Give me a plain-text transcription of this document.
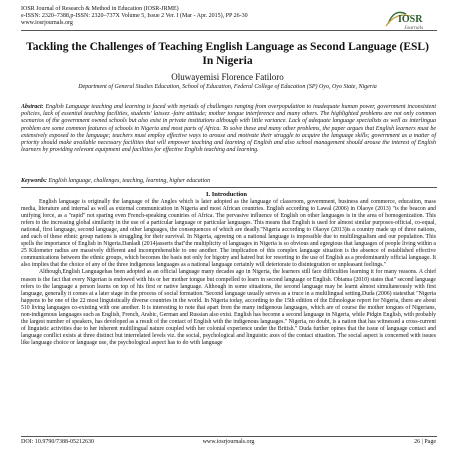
IOSR Journal of Research & Method in Education (IOSR-JRME)
e-ISSN: 2320–7388,p-ISSN: 2320–737X Volume 5, Issue 2 Ver. I (Mar - Apr. 2015), PP 26-30
www.iosrjournals.org	IOSR
Journals
Tackling the Challenges of Teaching English Language as Second Language (ESL) In Nigeria
Oluwayemisi Florence Fatiloro
Department of General Studies Education, School of Education, Federal College of Education (SP) Oyo, Oyo State, Nigeria
Abstract: English Language teaching and learning is faced with myriads of challenges ranging from overpopulation to inadequate human power, government inconsistent policies, lack of essential teaching facilities, students' laissez -faire attitude; mother tongue interference and many others. The highlighted problems are not only common scenarios of the government owned schools but also exist in private institutions although with little variance. Lack of adequate language specialists as well as interlingua problem are some common features of schools in Nigeria and most parts of Africa. To solve these and many other problems, the paper argues that English learners must be extensively exposed to the language; teachers must employ effective ways to arouse and motivate their struggle to acquire the language skills; government as a matter of priority should make available necessary facilities that will empower teaching and learning of English and also school management should arouse the interest of English learners by providing relevant equipment and facilities for effective English teaching and learning.
Keywords: English language, challenges, teaching, learning, higher education
I. Introduction

English language is originally the language of the Angles which is later adopted as the language of classroom, government, business and commerce, education, mass media, literature and internal as well as external communication in Nigeria and most African countries. English according to Lawal (2006) in Olaoye (2013) "is the beacon and unifying force, as a "rapid" not sparing even French-speaking countries of Africa. The pervasive influence of English on other languages is in the area of homogenization. This refers to the increasing global similarity in the use of a particular language or particular languages. This means that English is used for almost similar purposes-official, co-equal, national, first language, second language, and other languages, the consequences of which are deadly."Nigeria according to Olaoye (2013)is a country made up of three nations, and each of these ethnic group nations is struggling for their survival. In Nigeria, agreeing on a national language is impossible due to multilingualism and our population. This spells the importance of English in Nigeria.Danladi (2014)asserts that"the multiplicity of languages in Nigeria is so obvious and egregious that languages of people living within a 25 Kilometer radius are massively different and incomprehensible to one another. The implication of this complex language situation is the absence of established effective communications between the ethnic groups, which becomes the basis not only for bigotry and hatred but for resorting to the use of English as a predominantly official language. It also implies that the choice of any of the three indigenous languages as a national language certainly will deteriorate to disintegration or unpleasant feelings."

Although,English Languagehas been adopted as an official language many decades ago in Nigeria, the learners still face difficulties learning it for many reasons. A chief reason is the fact that every Nigerian is endowed with his or her mother tongue but compelled to learn in second language or English. Obiama (2010) states that" second language refers to the language a person learns on top of his first or native language. Although in some situations, the second language may be learnt almost simultaneously with first language, generally it comes at a later stage in the process of social formation."Second language usually serves as a truce in a multilingual setting.Duda (2006) statesthat "Nigeria happens to be one of the 22 most linguistically diverse countries in the world. In Nigeria today, according to the 15th edition of the Ethnologue report for Nigeria, there are about 510 living languages co-existing with one another. It is interesting to note that apart from the many indigenous languages, which are of course the mother tongues of Nigerians, non-indigenous languages such as English, French, Arabic, German and Russian also exist. English has become a second language in Nigeria, while Pidgin English, with probably the largest number of speakers, has developed as a result of the contact of English with the indigenous languages." Nigeria, no doubt, is a nation that has witnessed a cross-current of linguistic activities due to her inherent multilingual nature coupled with her colonial experience under the British." Duda further opines that the issue of language contact and language conflict exists at three distinct but interrelated levels viz. the social, psychological and linguistic axes of the contact situation. The social aspect is concerned with issues like language choice or language use, the psychological aspect has to do with language

DOI: 10.9790/7388-05212630	www.iosrjournals.org	26 | Page
